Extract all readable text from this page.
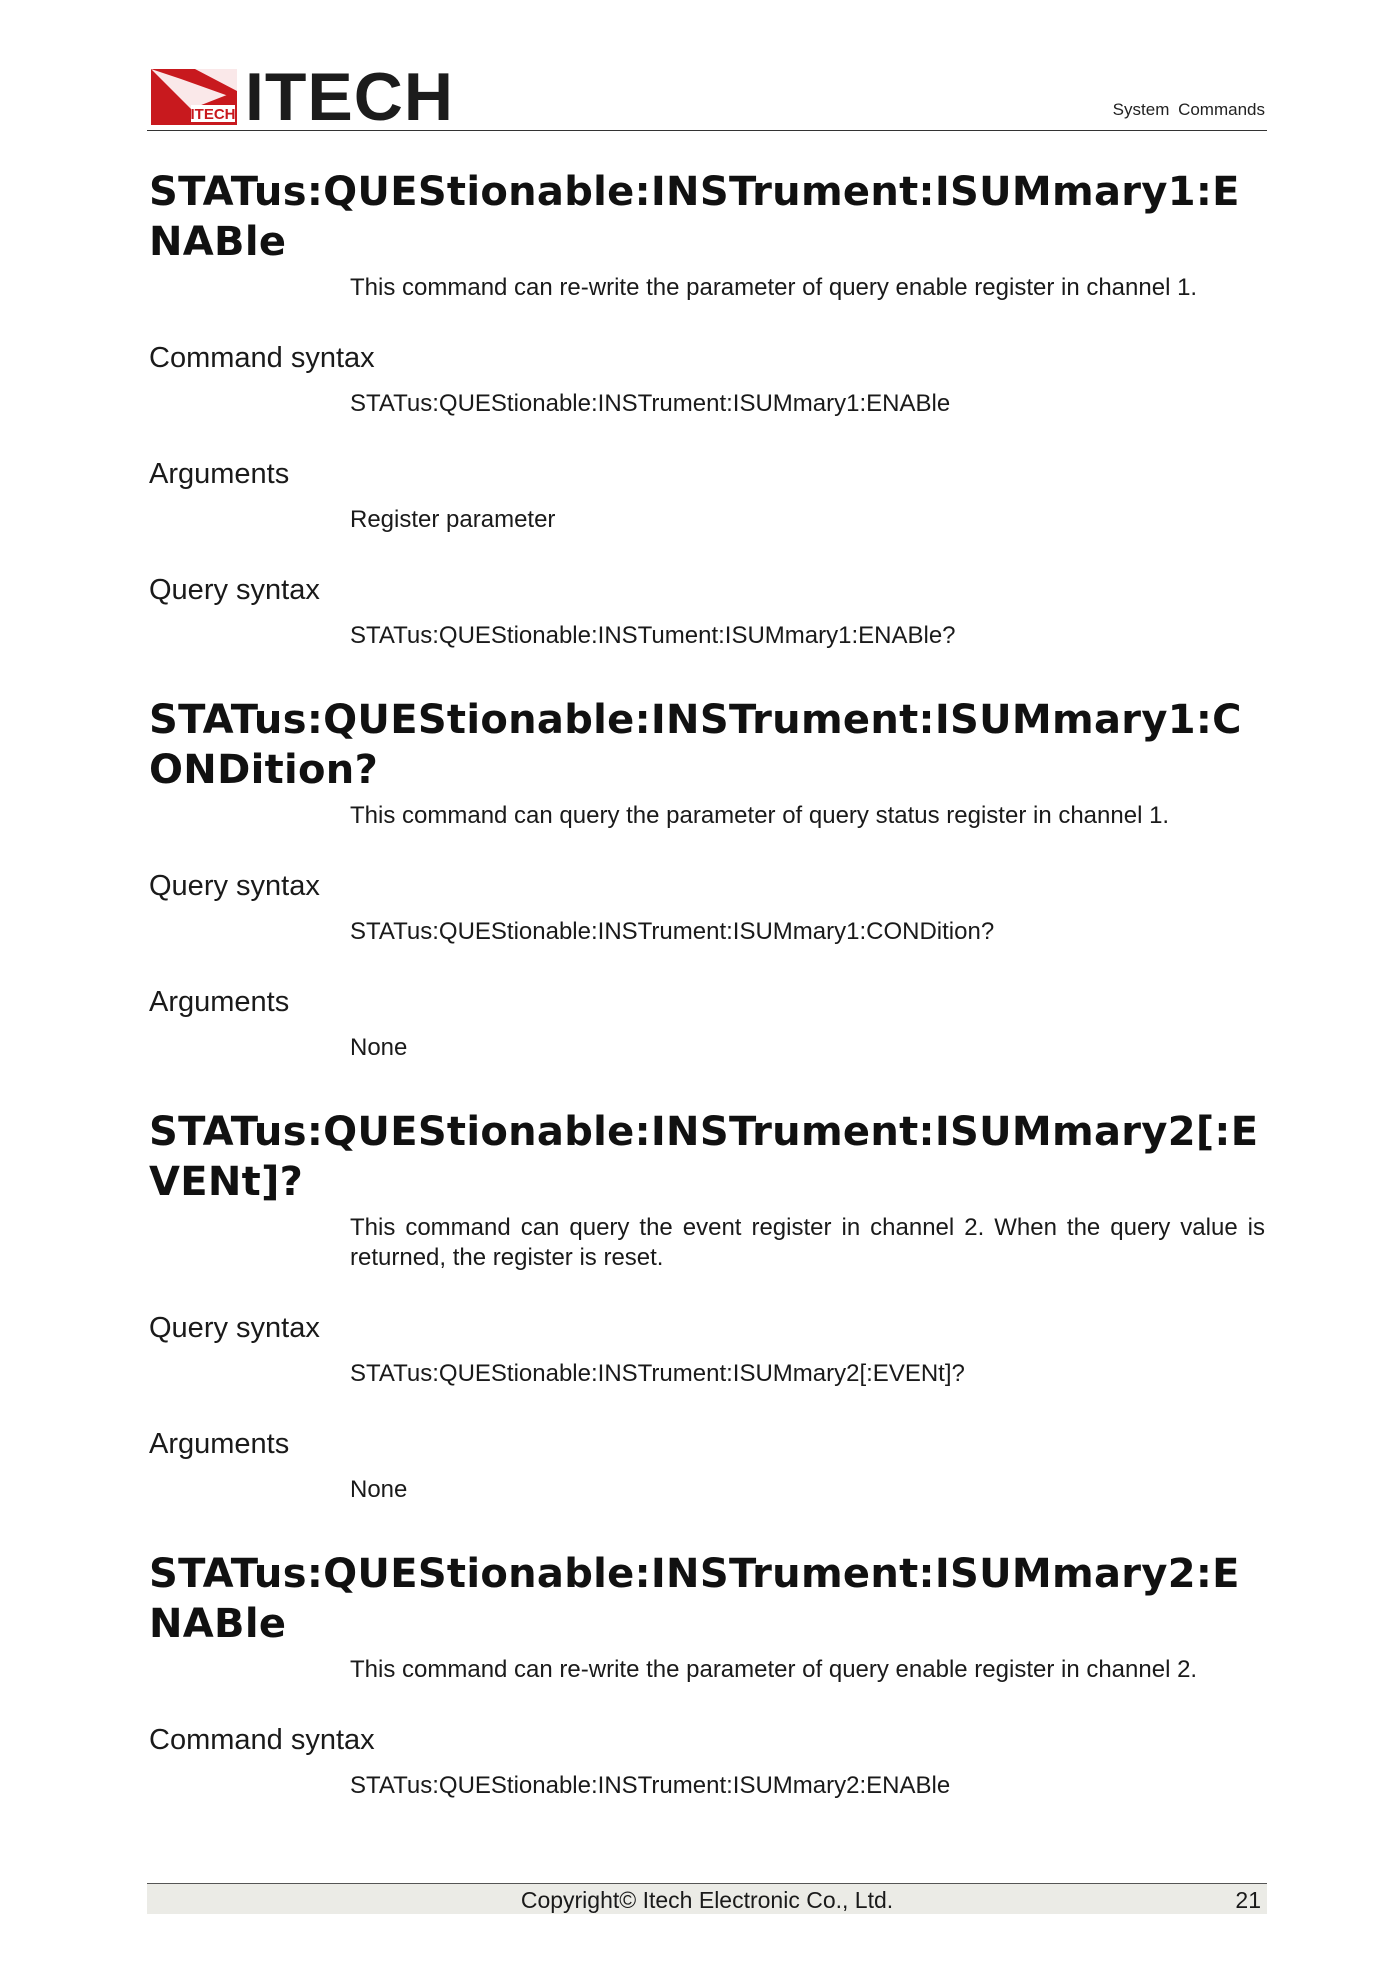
ITECH ITECH	System Commands
STATus:QUEStionable:INSTrument:ISUMmary1:ENABle

This command can re-write the parameter of query enable register in channel 1.

Command syntax
STATus:QUEStionable:INSTrument:ISUMmary1:ENABle
Arguments
Register parameter
Query syntax
STATus:QUEStionable:INSTument:ISUMmary1:ENABle?
STATus:QUEStionable:INSTrument:ISUMmary1:CONDition?

This command can query the parameter of query status register in channel 1.

Query syntax
STATus:QUEStionable:INSTrument:ISUMmary1:CONDition?
Arguments
None
STATus:QUEStionable:INSTrument:ISUMmary2[:EVENt]?

This command can query the event register in channel 2. When the query value is returned, the register is reset.

Query syntax
STATus:QUEStionable:INSTrument:ISUMmary2[:EVENt]?
Arguments
None
STATus:QUEStionable:INSTrument:ISUMmary2:ENABle

This command can re-write the parameter of query enable register in channel 2.

Command syntax
STATus:QUEStionable:INSTrument:ISUMmary2:ENABle
Copyright© Itech Electronic Co., Ltd.	21
